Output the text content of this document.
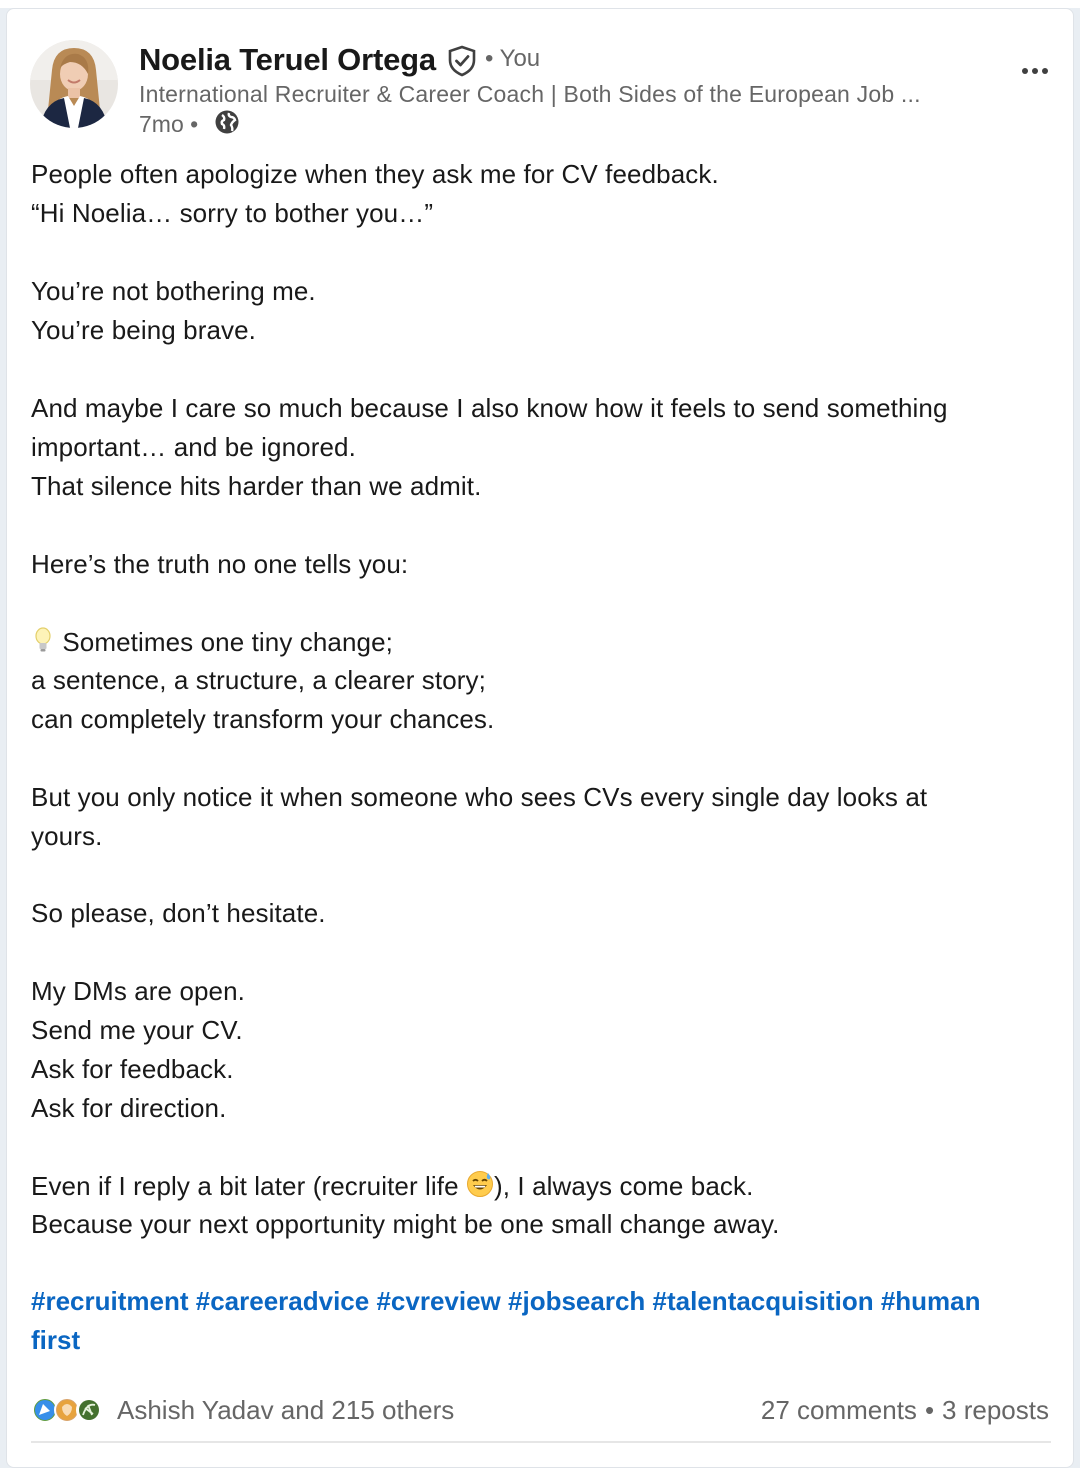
Noelia Teruel Ortega • You
International Recruiter & Career Coach | Both Sides of the European Job ...
7mo •
People often apologize when they ask me for CV feedback.
“Hi Noelia… sorry to bother you…”
You’re not bothering me.
You’re being brave.
And maybe I care so much because I also know how it feels to send something
important… and be ignored.
That silence hits harder than we admit.
Here’s the truth no one tells you:
Sometimes one tiny change;
a sentence, a structure, a clearer story;
can completely transform your chances.
But you only notice it when someone who sees CVs every single day looks at
yours.
So please, don’t hesitate.
My DMs are open.
Send me your CV.
Ask for feedback.
Ask for direction.
Even if I reply a bit later (recruiter life ), I always come back.
Because your next opportunity might be one small change away.
#recruitment #careeradvice #cvreview #jobsearch #talentacquisition #human
first
Ashish Yadav and 215 others	27 comments • 3 reposts
